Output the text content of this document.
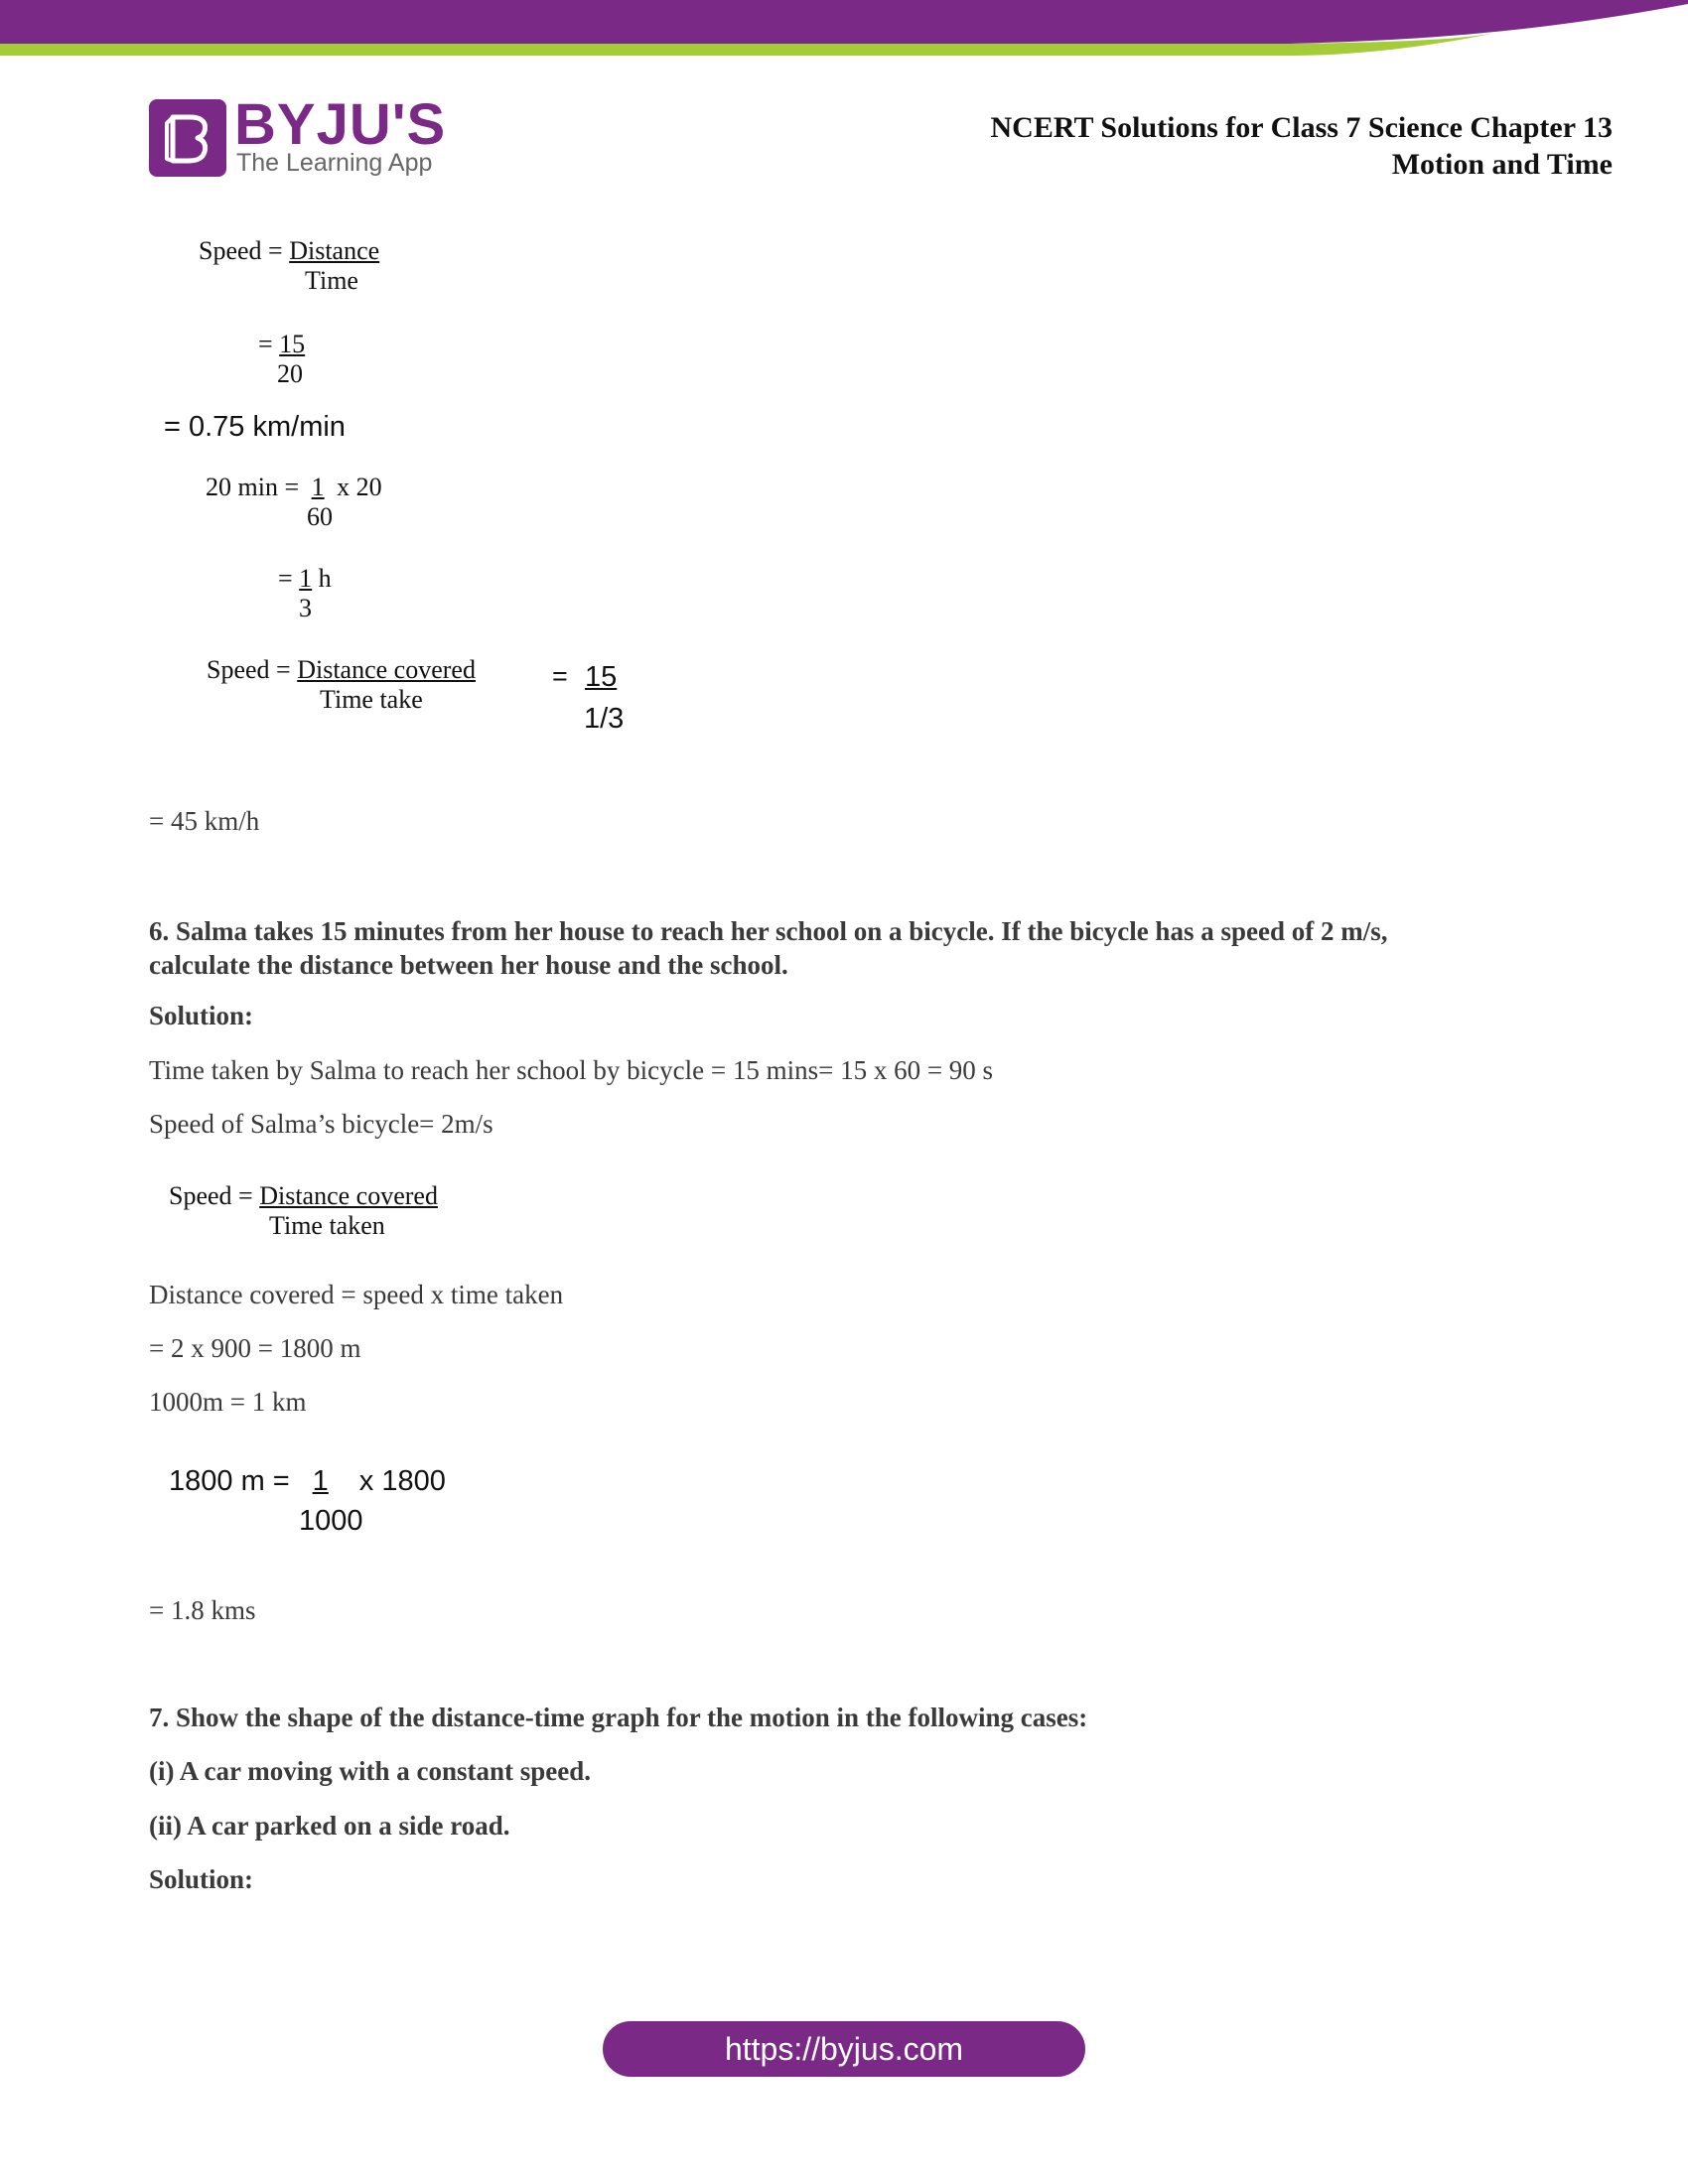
BYJU'S
The Learning App
NCERT Solutions for Class 7 Science Chapter 13
Motion and Time
Speed = Distance
Time
= 15
20
= 0.75 km/min
20 min = 1 x 20
60
= 1 h
3
Speed = Distance covered
Time take
= 15
1/3
= 45 km/h
6. Salma takes 15 minutes from her house to reach her school on a bicycle. If the bicycle has a speed of 2 m/s,
calculate the distance between her house and the school.
Solution:
Time taken by Salma to reach her school by bicycle = 15 mins= 15 x 60 = 90 s
Speed of Salma’s bicycle= 2m/s
Speed = Distance covered
Time taken
Distance covered = speed x time taken
= 2 x 900 = 1800 m
1000m = 1 km
1800 m = 1 x 1800
1000
= 1.8 kms
7. Show the shape of the distance-time graph for the motion in the following cases:
(i) A car moving with a constant speed.
(ii) A car parked on a side road.
Solution:
https://byjus.com
